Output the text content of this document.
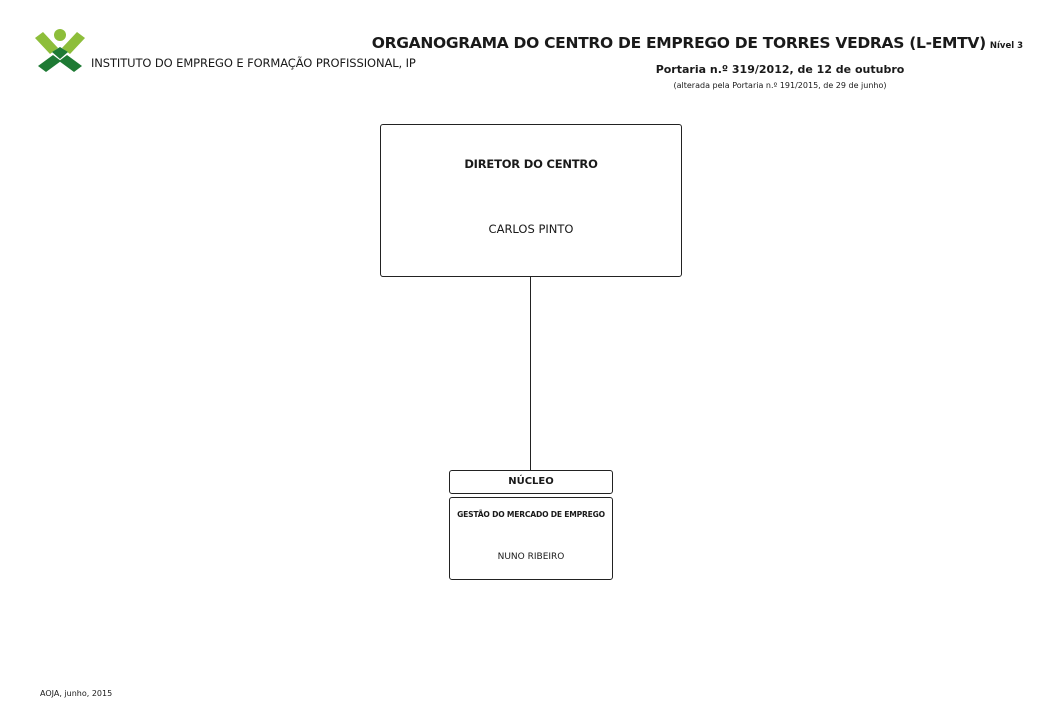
INSTITUTO DO EMPREGO E FORMAÇÃO PROFISSIONAL, IP
ORGANOGRAMA DO CENTRO DE EMPREGO DE TORRES VEDRAS (L-EMTV) Nível 3
Portaria n.º 319/2012, de 12 de outubro
(alterada pela Portaria n.º 191/2015, de 29 de junho)
DIRETOR DO CENTRO
CARLOS PINTO
NÚCLEO
GESTÃO DO MERCADO DE EMPREGO
NUNO RIBEIRO
AOJA, junho, 2015
